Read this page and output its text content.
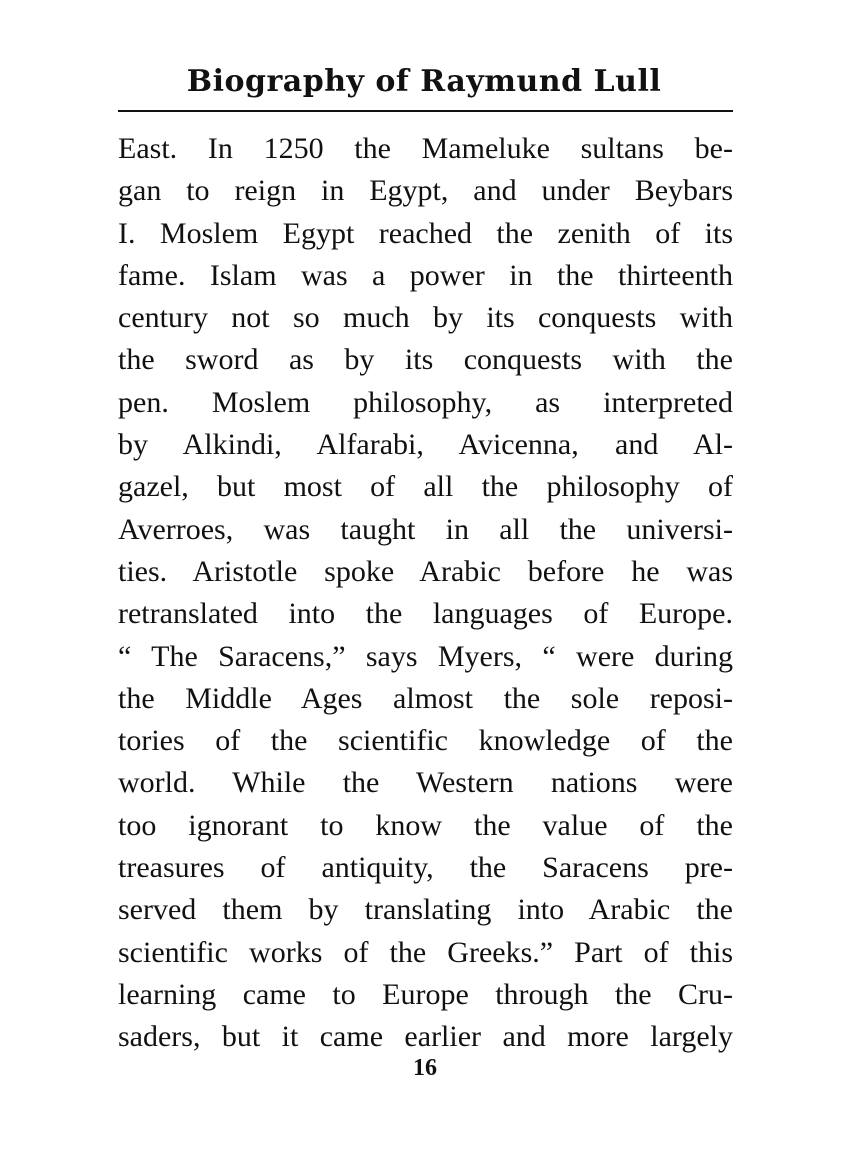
Biography of Raymund Lull
East. In 1250 the Mameluke sultans be-
gan to reign in Egypt, and under Beybars
I. Moslem Egypt reached the zenith of its
fame. Islam was a power in the thirteenth
century not so much by its conquests with
the sword as by its conquests with the
pen. Moslem philosophy, as interpreted
by Alkindi, Alfarabi, Avicenna, and Al-
gazel, but most of all the philosophy of
Averroes, was taught in all the universi-
ties. Aristotle spoke Arabic before he was
retranslated into the languages of Europe.
“ The Saracens,” says Myers, “ were during
the Middle Ages almost the sole reposi-
tories of the scientific knowledge of the
world. While the Western nations were
too ignorant to know the value of the
treasures of antiquity, the Saracens pre-
served them by translating into Arabic the
scientific works of the Greeks.” Part of this
learning came to Europe through the Cru-
saders, but it came earlier and more largely
16
